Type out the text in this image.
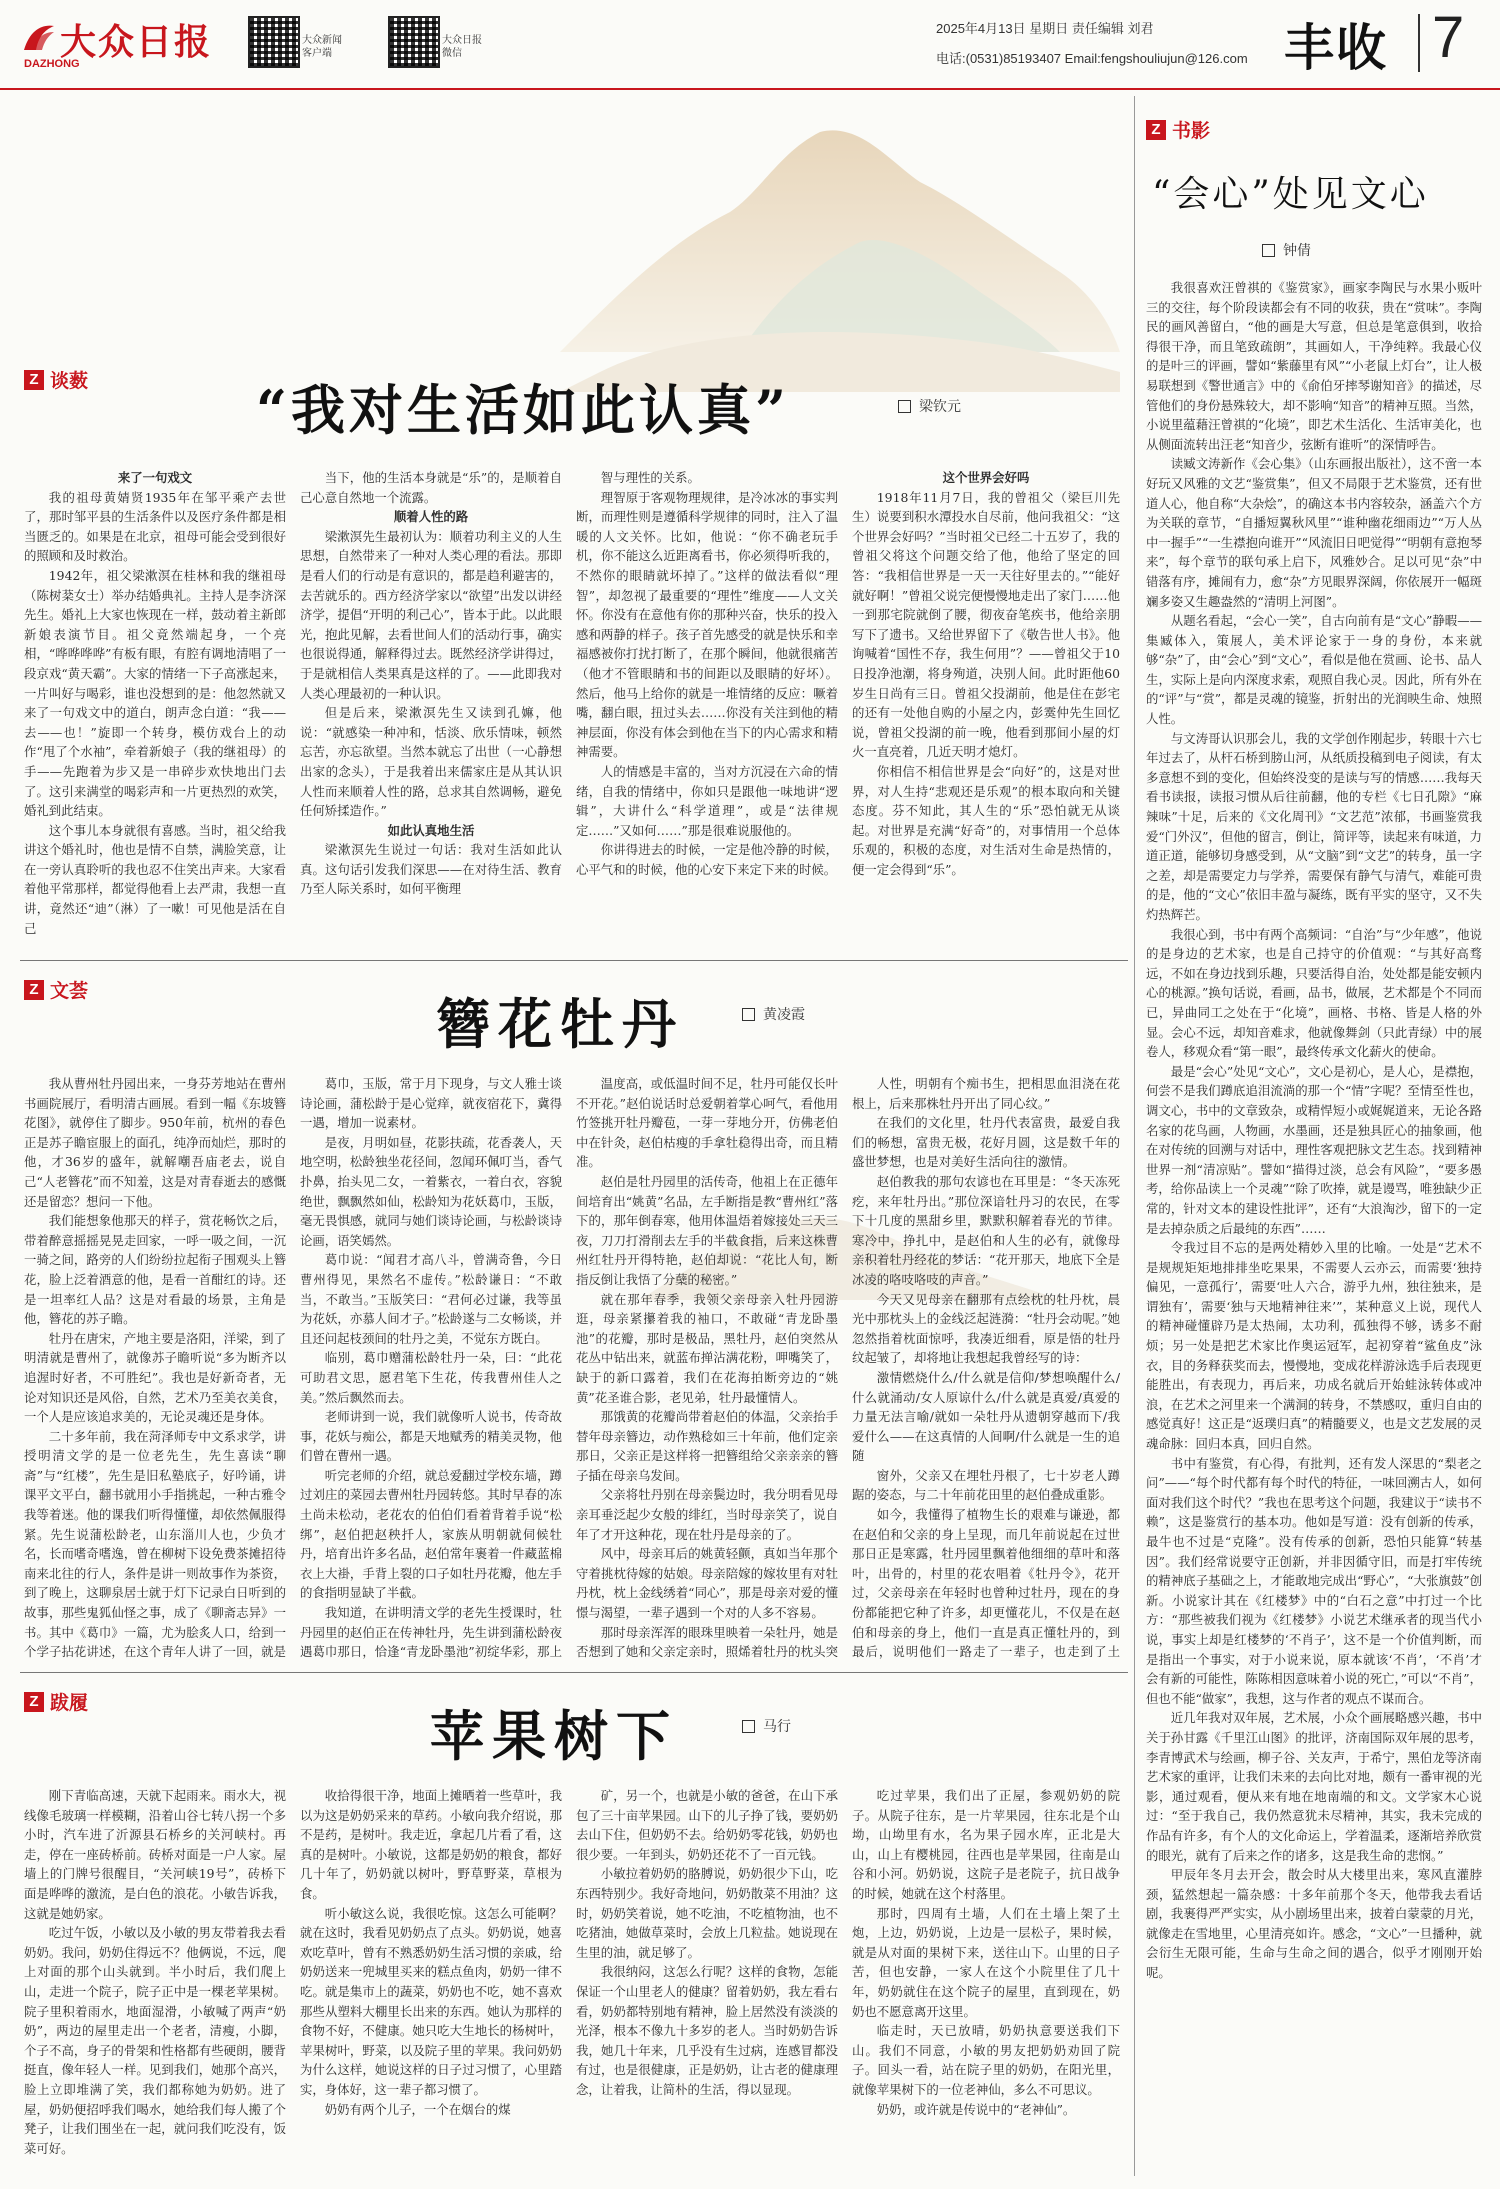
大众日报
DAZHONG
大众新闻
客户端
大众日报
微信
2025年4月13日 星期日 责任编辑 刘君
电话:(0531)85193407 Email:fengshouliujun@126.com 丰收 7
Z 谈薮	“我对生活如此认真”	梁钦元

来了一句戏文

我的祖母黄婧贤1935年在邹平乘产去世了，那时邹平县的生活条件以及医疗条件都是相当匮乏的。如果是在北京，祖母可能会受到很好的照顾和及时救治。

1942年，祖父梁漱溟在桂林和我的继祖母（陈树棻女士）举办结婚典礼。主持人是李济深先生。婚礼上大家也恢现在一样，鼓动着主新郎新娘表演节目。祖父竟然端起身，一个亮相，“哗哗哗哗”有板有眼，有腔有调地清唱了一段京戏“黄天霸”。大家的情绪一下子高涨起来，一片叫好与喝彩，谁也没想到的是：他忽然就又来了一句戏文中的道白，朗声念白道：“我——去——也！”旋即一个转身，模仿戏台上的动作“甩了个水袖”，牵着新娘子（我的继祖母）的手——先跑着为步又是一串碎步欢快地出门去了。这引来满堂的喝彩声和一片更热烈的欢笑，婚礼到此结束。

这个事儿本身就很有喜感。当时，祖父给我讲这个婚礼时，他也是情不自禁，满脸笑意，让在一旁认真聆听的我也忍不住笑出声来。大家看着他平常那样，都觉得他看上去严肃，我想一直讲，竟然还“迪”（淋）了一嗽！可见他是活在自己

当下，他的生活本身就是“乐”的，是顺着自己心意自然地一个流露。

顺着人性的路

梁漱溟先生最初认为：顺着功利主义的人生思想，自然带来了一种对人类心理的看法。那即是看人们的行动是有意识的，都是趋利避害的，去苦就乐的。西方经济学家以“欲望”出发以讲经济学，提倡“开明的利己心”，皆本于此。以此眼光，抱此见解，去看世间人们的活动行事，确实也很说得通，解释得过去。既然经济学讲得过，于是就相信人类果真是这样的了。——此即我对人类心理最初的一种认识。

但是后来，梁漱溟先生又读到孔嫲，他说：“就感染一种冲和，恬淡、欣乐情味，顿然忘苦，亦忘欲望。当然本就忘了出世（一心静想出家的念头），于是我着出来儒家庄是从其认识人性而来顺着人性的路，总求其自然调畅，避免任何矫揉造作。”

如此认真地生活

梁漱溟先生说过一句话：我对生活如此认真。这句话引发我们深思——在对待生活、教育乃至人际关系时，如何平衡理

智与理性的关系。

理智原于客观物理规律，是冷冰冰的事实判断，而理性则是遵循科学规律的同时，注入了温暖的人文关怀。比如，他说：“你不确老玩手机，你不能这么近距离看书，你必须得听我的，不然你的眼睛就坏掉了。”这样的做法看似“理智”，却忽视了最重要的“理性”维度——人文关怀。你没有在意他有你的那种兴奋，快乐的投入感和两静的样子。孩子首先感受的就是快乐和幸福感被你打扰打断了，在那个瞬间，他就很痛苦（他才不管眼睛和书的间距以及眼睛的好坏）。然后，他马上给你的就是一堆情绪的反应：噘着嘴，翻白眼，扭过头去……你没有关注到他的精神层面，你没有体会到他在当下的内心需求和精神需要。

人的情感是丰富的，当对方沉浸在六命的情绪，自我的情绪中，你如只是跟他一味地讲“逻辑”，大讲什么“科学道理”，或是“法律规定……”又如何……”那是很难说服他的。

你讲得进去的时候，一定是他冷静的时候，心平气和的时候，他的心安下来定下来的时候。

这个世界会好吗

1918年11月7日，我的曾祖父（梁巨川先生）说要到积水潭投水自尽前，他问我祖父：“这个世界会好吗？”当时祖父已经二十五岁了，我的曾祖父将这个问题交给了他，他给了坚定的回答：“我相信世界是一天一天往好里去的。”“能好就好啊！”曾祖父说完便慢慢地走出了家门……他一到那宅院就倒了腰，彻夜奋笔疾书，他给亲朋写下了遗书。又给世界留下了《敬告世人书》。他询喊着“国性不存，我生何用”？——曾祖父于10日投净池潮，将身殉道，决别人间。此时距他60岁生日尚有三日。曾祖父投湖前，他是住在彭宅的还有一处他自购的小屋之内，彭霙仲先生回忆说，曾祖父投湖的前一晚，他看到那间小屋的灯火一直亮着，几近天明才熄灯。

你相信不相信世界是会“向好”的，这是对世界，对人生持“悲观还是乐观”的根本取向和关键态度。芬不知此，其人生的“乐”恐怕就无从谈起。对世界是充满“好奇”的，对事情用一个总体乐观的，积极的态度，对生活对生命是热情的，便一定会得到“乐”。

Z 文荟
簪花牡丹	黄凌霞

我从曹州牡丹园出来，一身芬芳地站在曹州书画院展厅，看明清古画展。看到一幅《东坡簪花图》，就停住了脚步。950年前，杭州的春色正是苏子瞻宦服上的面孔，纯净而灿烂，那时的他，才36岁的盛年，就解嘲吾庙老去，说自己“人老簪花”而不知羞，这是对青春逝去的感慨还是留恋？想问一下他。

我们能想象他那天的样子，赏花畅饮之后，带着醉意摇摇晃晃走回家，一呼一吸之间，一沉一骑之间，路旁的人们纷纷拉起衔子围观头上簪花，脸上泛着酒意的他，是看一首酣红的诗。还是一坦率红人品？这是对看最的场景，主角是他，簪花的苏子瞻。

牡丹在唐宋，产地主要是洛阳，洋梁，到了明清就是曹州了，就像苏子瞻听说“多为断齐以追渥时好者，不可胜纪”。我也是好新奇者，无论对知识还是风俗，自然，艺术乃至美衣美食，一个人是应该追求美的，无论灵魂还是身体。

二十多年前，我在菏泽师专中文系求学，讲授明清文学的是一位老先生，先生喜读“聊斋”与“红楼”，先生是旧私塾底子，好吟诵，讲课平文平白，翻书就用小手指挑起，一种古雅令我等着迷。他的课我们听得懂懂，却依然佩服得紧。先生说蒲松龄老，山东淄川人也，少负才名，长而嗜奇嗜逸，曾在柳树下设免费茶摊招待南来北往的行人，条件是讲一则故事作为茶资，到了晚上，这聊泉居士就于灯下记录白日听到的故事，那些鬼狐仙怪之事，成了《聊斋志异》一书。其中《葛巾》一篇，尤为脍炙人口，给到一个学子拈花讲述，在这个青年人讲了一回，就是

葛巾，玉版，常于月下现身，与文人雅士谈诗论画，蒲松龄于是心觉痒，就夜宿花下，冀得一遇，增加一说素材。

是夜，月明如昼，花影扶疏，花香袭人，天地空明，松龄独坐花径间，忽闻环佩叮当，香气扑鼻，抬头见二女，一着紫衣，一着白衣，容貌绝世，飘飘然如仙，松龄知为花妖葛巾，玉版，毫无畏惧感，就同与她们谈诗论画，与松龄谈诗论画，语笑嫣然。

葛巾说：“闻君才高八斗，曾满奇鲁，今日曹州得见，果然名不虚传。”松龄谦日：“不敢当，不敢当。”玉版笑曰：“君何必过谦，我等虽为花妖，亦慕人间才子。”松龄遂与二女畅谈，并且还问起枝颈间的牡丹之美，不觉东方既白。

临别，葛巾赠蒲松龄牡丹一朵，曰：“此花可助君文思，愿君笔下生花，传我曹州佳人之美。”然后飘然而去。

老师讲到一说，我们就像听人说书，传奇故事，花妖与痴公，都是天地赋秀的精美灵物，他们曾在曹州一遇。

听完老师的介绍，就总爱翻过学校东墙，蹲过刘庄的菜园去曹州牡丹园转悠。其时早春的冻土尚未松动，老花农的伯伯们看着背着手说“松绑”，赵伯把赵秧扦人，家族从明朝就伺候牡丹，培育出许多名品，赵伯常年裹着一件藏蓝棉衣上大褂，手背上裂的口子如牡丹花瓣，他左手的食指明显缺了半截。

我知道，在讲明清文学的老先生授课时，牡丹园里的赵伯正在传神牡丹，先生讲到蒲松龄夜遇葛巾那日，恰逢“青龙卧墨池”初绽华彩，那上

温度高，或低温时间不足，牡丹可能仅长叶不开花。”赵伯说话时总爱朝着掌心呵气，看他用竹签挑开牡丹瓣苞，一芽一芽地分开，仿佛老伯中在针灸，赵伯枯瘦的手拿牡稳得出奇，而且精准。

赵伯是牡丹园里的活传奇，他祖上在正德年间培育出“姚黄”名品，左手断指是教“曹州红”落下的，那年倒春寒，他用体温焐着嫁接处三天三夜，刀刀打滑削去左手的半截食指，后来这株曹州红牡丹开得特艳，赵伯却说：“花比人旬，断指反倒让我悟了分蘖的秘密。”

就在那年春季，我领父亲母亲入牡丹园游逛，母亲紧攥着我的袖口，不敢碰“青龙卧墨池”的花瓣，那时是极品，黑牡丹，赵伯突然从花丛中钻出来，就蓝布掸沾满花粉，呷嘴笑了，缺于的新口露着，我们在花海拍断旁边的“姚黄”花圣谁合影，老见弟，牡丹最懂情人。

那饿黄的花瓣尚带着赵伯的体温，父亲抬手替年母亲簪边，动作熟稔如三十年前，他们定亲那日，父亲正是这样将一把簪组给父亲亲亲的簪子插在母亲乌发间。

父亲将牡丹别在母亲鬓边时，我分明看见母亲耳垂泛起少女般的绯红，当时母亲笑了，说自年了才开这种花，现在牡丹是母亲的了。

风中，母亲耳后的姚黄轻颤，真如当年那个守着挑枕待嫁的姑娘。母亲陪嫁的嫁妆里有对牡丹枕，枕上金线绣着“同心”，那是母亲对爱的懂憬与渴望，一辈子遇到一个对的人多不容易。

那时母亲浑浑的眼珠里映着一朵牡丹，她是否想到了她和父亲定亲时，照烯着牡丹的枕头突

人性，明朝有个痴书生，把相思血泪浇在花根上，后来那株牡丹开出了同心纹。”

在我们的文化里，牡丹代表富贵，最爱自我们的畅想，富贵无极，花好月圆，这是数千年的盛世梦想，也是对美好生活向往的激情。

赵伯教我的那句农谚也在耳里是：“冬天冻死疙，来年牡丹出。”那位深谙牡丹习的农民，在零下十几度的黑甜乡里，默默积解着春光的节律。寒冷中，挣扎中，是赵伯和人生的必有，就像母亲积着牡丹经花的梦话：“花开那天，地底下全是冰凌的咯吱咯吱的声音。”

今天又见母亲在翻那有点绘枕的牡丹枕，晨光中那枕头上的金线泛起涟漪：“牡丹会动呢。”她忽然指着枕面惊呼，我凑近细看，原是悟的牡丹纹起皱了，却将地让我想起我曾经写的诗：

激情燃烧什么/什么就是信仰/梦想唤醒什么/什么就涌动/女人原谅什么/什么就是真爱/真爱的力量无法言喻/就如一朵牡丹从遗朝穿越而下/我爱什么——在这真情的人间啊/什么就是一生的追随

窗外，父亲又在埋牡丹根了，七十岁老人蹲踞的姿态，与二十年前花田里的赵伯叠成重影。

如今，我懂得了植物生长的艰难与谦逊，都在赵伯和父亲的身上呈现，而几年前说起在过世那日正是寒露，牡丹园里飘着他细细的草叶和落叶，出骨的，村里的花农唱着《牡丹令》，花开过，父亲母亲在年轻时也曾种过牡丹，现在的身份都能把它种了许多，却更懂花儿，不仅是在赵伯和母亲的身上，他们一直是真正懂牡丹的，到最后，说明他们一路走了一辈子，也走到了土

Z 跋履
苹果树下	马行

刚下青临高速，天就下起雨来。雨水大，视线像毛玻璃一样模糊，沿着山谷七转八拐一个多小时，汽车进了沂源县石桥乡的关河峡村。再走，停在一座砖桥前。砖桥对面是一户人家。屋墙上的门牌号很醒目，“关河峡19号”，砖桥下面是哗哗的激流，是白色的浪花。小敏告诉我，这就是她奶家。

吃过午饭，小敏以及小敏的男友带着我去看奶奶。我问，奶奶住得远不？他俩说，不远，爬上对面的那个山头就到。半小时后，我们爬上山，走进一个院子，院子正中是一棵老苹果树。院子里积着雨水，地面湿滑，小敏喊了两声“奶奶”，两边的屋里走出一个老者，清瘦，小脚，个子不高，身子的骨架和性格都有些硬朗，腰背挺直，像年轻人一样。见到我们，她那个高兴，脸上立即堆满了笑，我们都称她为奶奶。进了屋，奶奶便招呼我们喝水，她给我们每人搬了个凳子，让我们围坐在一起，就问我们吃没有，饭菜可好。

收拾得很干净，地面上摊晒着一些草叶，我以为这是奶奶采来的草药。小敏向我介绍说，那不是药，是树叶。我走近，拿起几片看了看，这真的是树叶。小敏说，这都是奶奶的粮食，都好几十年了，奶奶就以树叶，野草野菜，草根为食。

听小敏这么说，我很吃惊。这怎么可能啊？就在这时，我看见奶奶点了点头。奶奶说，她喜欢吃草叶，曾有不熟悉奶奶生活习惯的亲戚，给奶奶送来一兜城里买来的糕点鱼肉，奶奶一律不吃。就是集市上的蔬菜，奶奶也不吃，她不喜欢那些从塑料大棚里长出来的东西。她认为那样的食物不好，不健康。她只吃大生地长的杨树叶，苹果树叶，野菜，以及院子里的苹果。我问奶奶为什么这样，她说这样的日子过习惯了，心里踏实，身体好，这一辈子都习惯了。

奶奶有两个儿子，一个在烟台的煤

矿，另一个，也就是小敏的爸爸，在山下承包了三十亩苹果园。山下的儿子挣了钱，要奶奶去山下住，但奶奶不去。给奶奶零花钱，奶奶也很少要。一年到头，奶奶还花不了一百元钱。

小敏拉着奶奶的胳膊说，奶奶很少下山，吃东西特别少。我好奇地问，奶奶散菜不用油？这时，奶奶笑着说，她不吃油，不吃植物油，也不吃猪油，她做草菜时，会放上几粒盐。她说现在生里的油，就足够了。

我很纳闷，这怎么行呢？这样的食物，怎能保证一个山里老人的健康？留着奶奶，我左看右看，奶奶都特别地有精神，脸上居然没有淡淡的光泽，根本不像九十多岁的老人。当时奶奶告诉我，她几十年来，几乎没有生过病，连感冒都没有过，也是很健康，正是奶奶，让古老的健康理念，让着我，让简朴的生活，得以显现。

吃过苹果，我们出了正屋，参观奶奶的院子。从院子往东，是一片苹果园，往东北是个山坳，山坳里有水，名为果子园水库，正北是大山，山上有樱桃园，往西也是苹果园，往南是山谷和小河。奶奶说，这院子是老院子，抗日战争的时候，她就在这个村落里。

那时，四周有土墙，人们在土墙上架了土炮，上边，奶奶说，上边是一层松子，果时候，就是从对面的果树下来，送往山下。山里的日子苦，但也安静，一家人在这个小院里住了几十年，奶奶就住在这个院子的屋里，直到现在，奶奶也不愿意离开这里。

临走时，天已放晴，奶奶执意要送我们下山。我们不同意，小敏的男友把奶奶劝回了院子。回头一看，站在院子里的奶奶，在阳光里，就像苹果树下的一位老神仙，多么不可思议。

奶奶，或许就是传说中的“老神仙”。

Z 书影
“会心”处见文心
钟倩

我很喜欢汪曾祺的《鉴赏家》，画家李陶民与水果小贩叶三的交往，每个阶段读都会有不同的收获，贵在“赏味”。李陶民的画风善留白，“他的画是大写意，但总是笔意俱到，收拾得很干净，而且笔致疏朗”，其画如人，干净纯粹。我最心仪的是叶三的评画，譬如“紫藤里有风”“小老鼠上灯台”，让人极易联想到《警世通言》中的《俞伯牙摔琴谢知音》的描述，尽管他们的身份悬殊较大，却不影响“知音”的精神互照。当然，小说里蕴藉汪曾祺的“化境”，即艺术生活化、生活审美化，也从侧面流转出汪老“知音少，弦断有谁听”的深情呼告。

读臧文涛新作《会心集》（山东画报出版社），这不啻一本好玩又风雅的文艺“鉴赏集”，但又不局限于艺术鉴赏，还有世道人心，他自称“大杂烩”，的确这本书内容较杂，涵盖六个方为关联的章节，“自播短翼秋风里”“谁种幽花细雨边”“万人丛中一握手”“一生襟抱向谁开”“风流旧日吧觉得”“明朝有意抱琴来”，每个章节的联句承上启下，风雅妙合。足以可见“杂”中错落有序，摊闹有力，愈“杂”方见眼界深阔，你依展开一幅斑斓多姿又生趣盎然的“清明上河图”。

从题名看起，“会心一笑”，自古向前有是“文心”静暇——集臧体入，策展人，美术评论家于一身的身份，本来就够“杂”了，由“会心”到“文心”，看似是他在赏画、论书、品人生，实际上是向内深度求索，观照自我心灵。因此，所有外在的“评”与“赏”，都是灵魂的镜鉴，折射出的光润映生命、烛照人性。

与文涛哥认识那会儿，我的文学创作刚起步，转眼十六七年过去了，从杆石桥到膀山河，从纸质投稿到电子阅读，有太多意想不到的变化，但始终没变的是读与写的情感……我每天看书读报，读报习惯从后往前翻，他的专栏《七日孔隙》“麻辣味”十足，后来的《文化周刊》“文艺范”浓郁，书画鉴赏我爱“门外汉”，但他的留言，倒让，简评等，读起来有味道，力道正道，能够切身感受到，从“文脑”到“文艺”的转身，虽一字之差，却是需要定力与学养，需要保有静气与清气，难能可贵的是，他的“文心”依旧丰盈与凝练，既有平实的坚守，又不失灼热辉芒。

我很心到，书中有两个高频词：“自治”与“少年感”，他说的是身边的艺术家，也是自己持守的价值观：“与其好高骛远，不如在身边找到乐趣，只要活得自治，处处都是能安顿内心的桃源。”换句话说，看画，品书，做展，艺术都是个不同而已，异曲同工之处在于“化境”，画格、书格、皆是人格的外显。会心不远，却知音难求，他就像舞剑（只此青绿）中的展卷人，移观众看“第一眼”，最终传承文化薪火的使命。

最是“会心”处见“文心”，文心是初心，是人心，是襟抱，何尝不是我们蹲底追泪流淌的那一个“情”字呢？至情至性也，调文心，书中的文章致杂，或精悍短小或娓娓道来，无论各路名家的花鸟画，人物画，水墨画，还是独具匠心的抽象画，他在对传统的回溯与对话中，理性客观把脉文艺生态。找到精神世界一剂“清凉贴”。譬如“描得过淡，总会有风险”，“要多愚考，给你品读上一个灵魂”“除了吹捧，就是谩骂，唯独缺少正常的，针对文本的建设性批评”，还有“大浪淘沙，留下的一定是去掉杂质之后最纯的东西”……

令我过目不忘的是两处精妙入里的比喻。一处是“艺术不是规规矩矩地排排坐吃果果，不需要人云亦云，而需要‘独持偏见，一意孤行’，需要‘吐人六合，游乎九州，独往独来，是谓独有’，需要‘独与天地精神往来’”，某种意义上说，现代人的精神碰懂辟乃是太热闹，太功利，孤独得不够，诱多不耐烦；另一处是把艺术家比作奥运冠军，起初穿着“鲨鱼皮”泳衣，目的务释获奖而去，慢慢地，变成花样游泳选手后表现更能胜出，有表现力，再后来，功成名就后开始蛙泳转体或冲浪，在艺术之河里来一个满洞的转身，不禁感叹，重归自由的感觉真好！这正是“返璞归真”的精髓要义，也是文艺发展的灵魂命脉：回归本真，回归自然。

书中有鉴赏，有心得，有批判，还有发人深思的“梨老之问”——“每个时代都有每个时代的特征，一味回溯古人，如何面对我们这个时代？”我也在思考这个问题，我建议于“读书不赖”，这是鉴赏行的基本功。他如是写道：没有创新的传承，最牛也不过是“克隆”。没有传承的创新，恐怕只能算“转基因”。我们经常说要守正创新，并非因循守旧，而是打牢传统的精神底子基础之上，才能敢地完成出“野心”，“大张旗鼓”创新。小说家计其在《红楼梦》中的“白石之意”中打过一个比方：“那些被我们视为《红楼梦》小说艺术继承者的现当代小说，事实上却是红楼梦的‘不肖子’，这不是一个价值判断，而是指出一个事实，对于小说来说，原本就该‘不肖’，‘不肖’才会有新的可能性，陈陈相因意味着小说的死亡，”可以“不肖”，但也不能“做家”，我想，这与作者的观点不谋而合。

近几年我对双年展，艺术展，小众个画展略感兴趣，书中关于孙甘露《千里江山图》的批评，济南国际双年展的思考，李青博武术与绘画，柳子谷、关友声，于希宁，黑伯龙等济南艺术家的重评，让我们未来的去向比对地，颇有一番审视的光影，通过观看，便从来有地在地南端的和文。文学家木心说过：“至于我自己，我仍然意犹未尽精神，其实，我未完成的作品有许多，有个人的文化命运上，学着温柔，逐渐培养欣赏的眼光，就有了后来之作的诸多，这是我生命的悲悯。”

甲辰年冬月去开会，散会时从大楼里出来，寒风直灌脖颈，猛然想起一篇杂感：十多年前那个冬天，他带我去看话剧，我裹得严严实实，从小剧场里出来，披着白蒙蒙的月光，就像走在雪地里，心里清亮如许。感念，“文心”一旦播种，就会衍生无限可能，生命与生命之间的遇合，似乎才刚刚开始呢。
